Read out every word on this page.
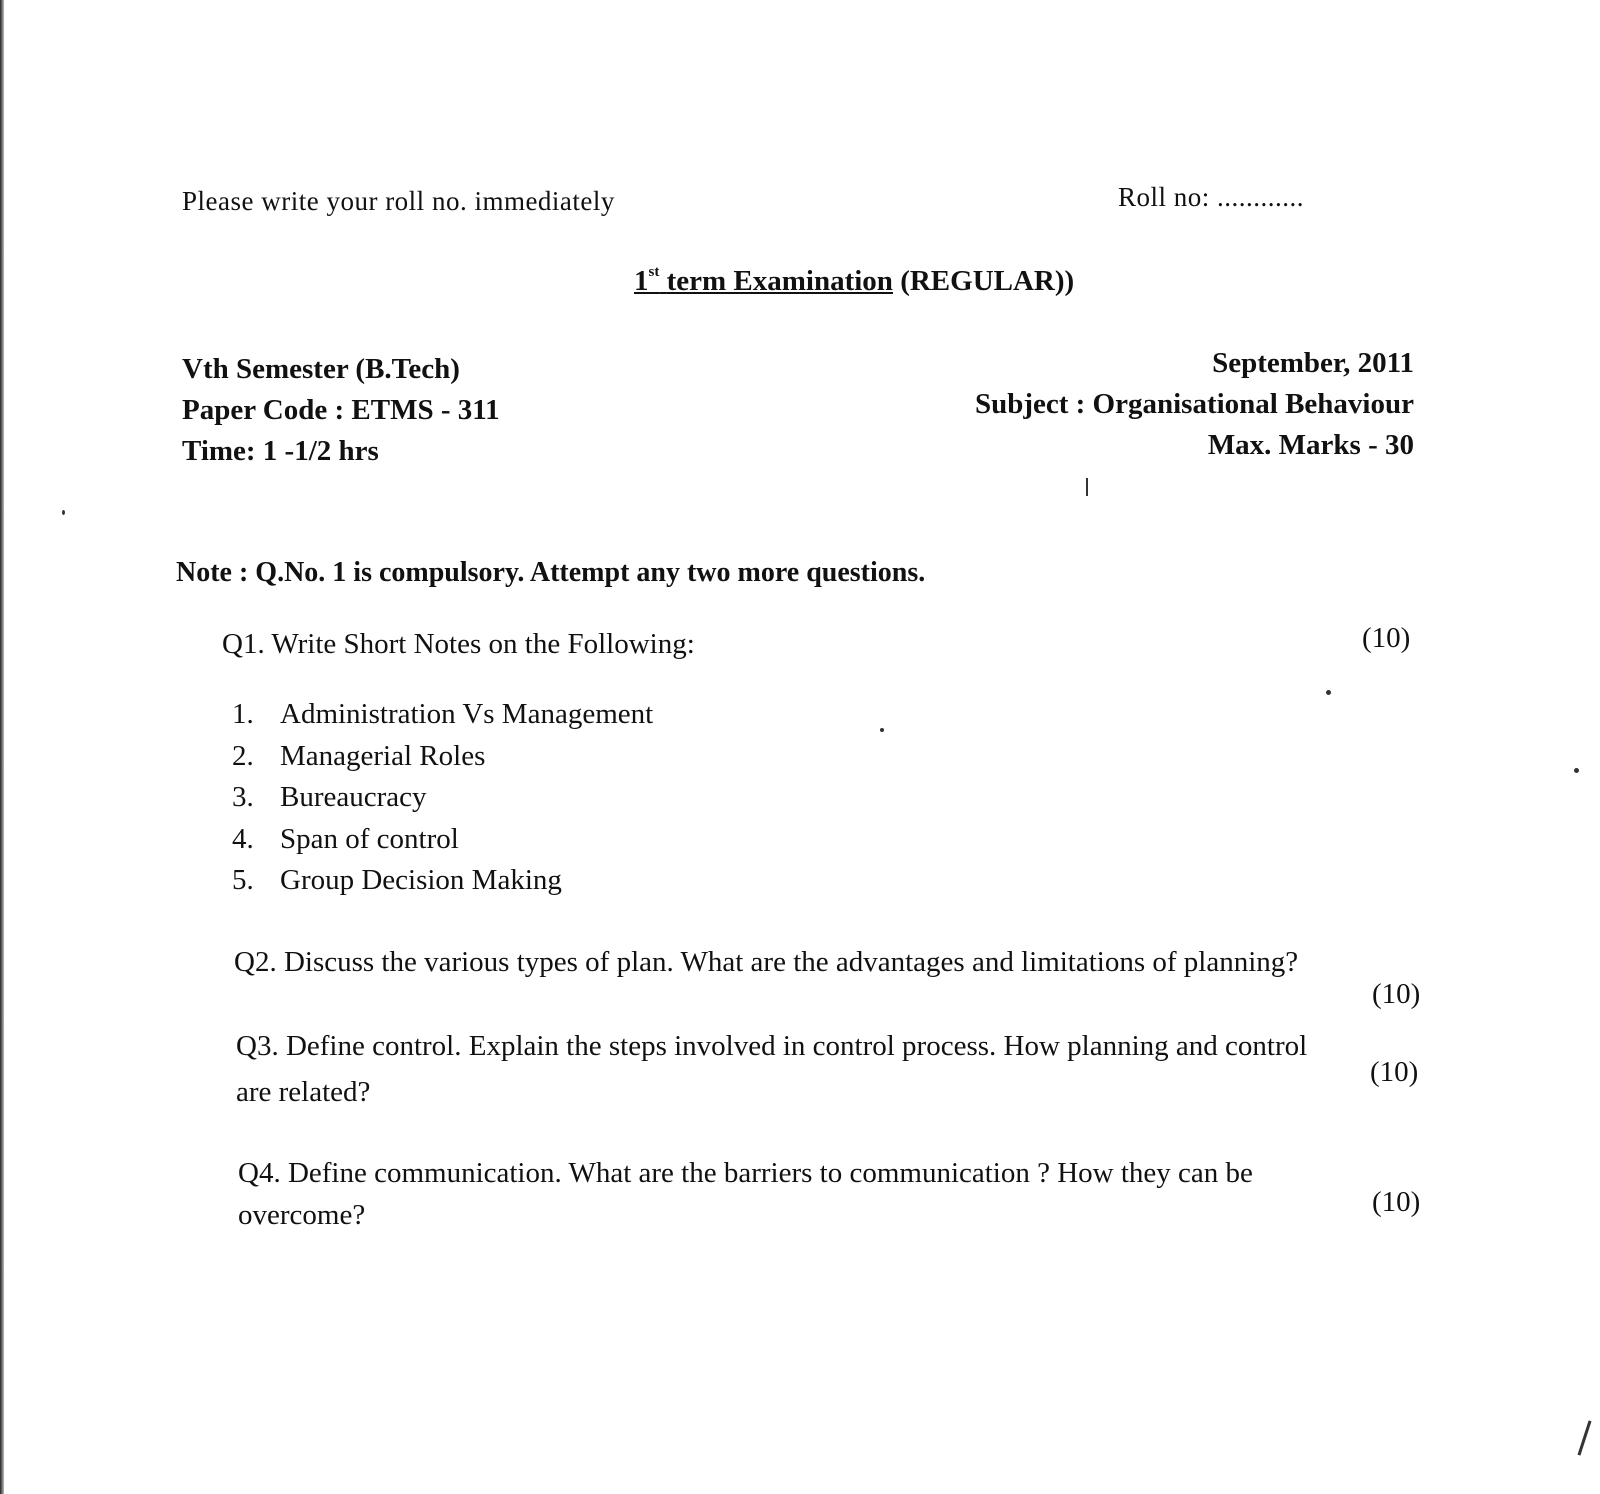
Please write your roll no. immediately	Roll no: ............
1st term Examination (REGULAR))
Vth Semester (B.Tech)
Paper Code : ETMS - 311
Time: 1 -1/2 hrs
September, 2011
Subject : Organisational Behaviour
Max. Marks - 30
Note : Q.No. 1 is compulsory. Attempt any two more questions.
Q1. Write Short Notes on the Following:	(10)
1. Administration Vs Management
2. Managerial Roles
3. Bureaucracy
4. Span of control
5. Group Decision Making
Q2. Discuss the various types of plan. What are the advantages and limitations of planning?
(10)
Q3. Define control. Explain the steps involved in control process. How planning and control
are related?
(10)
Q4. Define communication. What are the barriers to communication ? How they can be
overcome?	(10)
